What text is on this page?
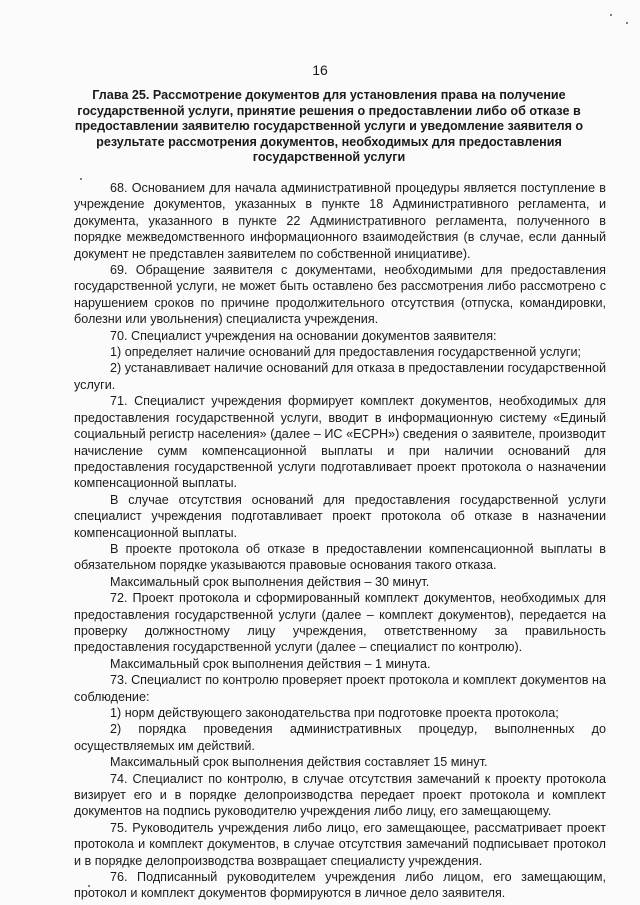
16
Глава 25. Рассмотрение документов для установления права на получение государственной услуги, принятие решения о предоставлении либо об отказе в предоставлении заявителю государственной услуги и уведомление заявителя о результате рассмотрения документов, необходимых для предоставления государственной услуги

68. Основанием для начала административной процедуры является поступление в учреждение документов, указанных в пункте 18 Административного регламента, и документа, указанного в пункте 22 Административного регламента, полученного в порядке межведомственного информационного взаимодействия (в случае, если данный документ не представлен заявителем по собственной инициативе).

69. Обращение заявителя с документами, необходимыми для предоставления государственной услуги, не может быть оставлено без рассмотрения либо рассмотрено с нарушением сроков по причине продолжительного отсутствия (отпуска, командировки, болезни или увольнения) специалиста учреждения.

70. Специалист учреждения на основании документов заявителя:

1) определяет наличие оснований для предоставления государственной услуги;

2) устанавливает наличие оснований для отказа в предоставлении государственной услуги.

71. Специалист учреждения формирует комплект документов, необходимых для предоставления государственной услуги, вводит в информационную систему «Единый социальный регистр населения» (далее – ИС «ЕСРН») сведения о заявителе, производит начисление сумм компенсационной выплаты и при наличии оснований для предоставления государственной услуги подготавливает проект протокола о назначении компенсационной выплаты.

В случае отсутствия оснований для предоставления государственной услуги специалист учреждения подготавливает проект протокола об отказе в назначении компенсационной выплаты.

В проекте протокола об отказе в предоставлении компенсационной выплаты в обязательном порядке указываются правовые основания такого отказа.

Максимальный срок выполнения действия – 30 минут.

72. Проект протокола и сформированный комплект документов, необходимых для предоставления государственной услуги (далее – комплект документов), передается на проверку должностному лицу учреждения, ответственному за правильность предоставления государственной услуги (далее – специалист по контролю).

Максимальный срок выполнения действия – 1 минута.

73. Специалист по контролю проверяет проект протокола и комплект документов на соблюдение:

1) норм действующего законодательства при подготовке проекта протокола;

2) порядка проведения административных процедур, выполненных до осуществляемых им действий.

Максимальный срок выполнения действия составляет 15 минут.

74. Специалист по контролю, в случае отсутствия замечаний к проекту протокола визирует его и в порядке делопроизводства передает проект протокола и комплект документов на подпись руководителю учреждения либо лицу, его замещающему.

75. Руководитель учреждения либо лицо, его замещающее, рассматривает проект протокола и комплект документов, в случае отсутствия замечаний подписывает протокол и в порядке делопроизводства возвращает специалисту учреждения.

76. Подписанный руководителем учреждения либо лицом, его замещающим, протокол и комплект документов формируются в личное дело заявителя.
